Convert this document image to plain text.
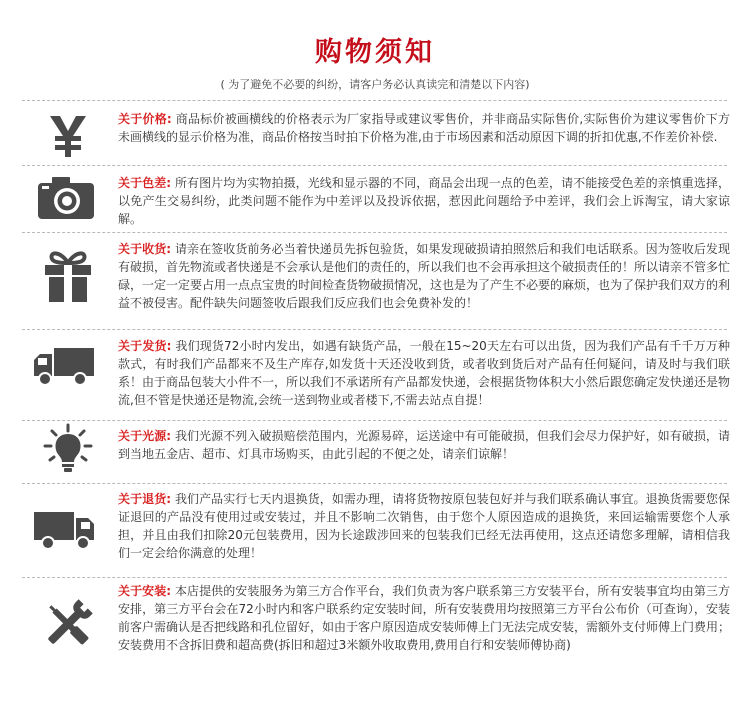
购物须知
( 为了避免不必要的纠纷，请客户务必认真读完和清楚以下内容)
关于价格: 商品标价被画横线的价格表示为厂家指导或建议零售价，并非商品实际售价,实际售价为建议零售价下方未画横线的显示价格为准，商品价格按当时拍下价格为准,由于市场因素和活动原因下调的折扣优惠,不作差价补偿.
关于色差: 所有图片均为实物拍摄，光线和显示器的不同，商品会出现一点的色差，请不能接受色差的亲慎重选择，以免产生交易纠纷，此类问题不能作为中差评以及投诉依据，惹因此问题给予中差评，我们会上诉淘宝，请大家谅解。
关于收货: 请亲在签收货前务必当着快递员先拆包验货，如果发现破损请拍照然后和我们电话联系。因为签收后发现有破损，首先物流或者快递是不会承认是他们的责任的，所以我们也不会再承担这个破损责任的！所以请亲不管多忙碌，一定一定要占用一点点宝贵的时间检查货物破损情况，这也是为了产生不必要的麻烦，也为了保护我们双方的利益不被侵害。配件缺失问题签收后跟我们反应我们也会免费补发的！
关于发货: 我们现货72小时内发出，如遇有缺货产品，一般在15~20天左右可以出货，因为我们产品有千千万万种款式，有时我们产品都来不及生产库存,如发货十天还没收到货，或者收到货后对产品有任何疑问，请及时与我们联系！由于商品包装大小件不一，所以我们不承诺所有产品都发快递，会根据货物体积大小然后跟您确定发快递还是物流,但不管是快递还是物流,会统一送到物业或者楼下,不需去站点自提！
关于光源: 我们光源不列入破损赔偿范围内，光源易碎，运送途中有可能破损，但我们会尽力保护好，如有破损，请到当地五金店、超市、灯具市场购买，由此引起的不便之处，请亲们谅解！
关于退货: 我们产品实行七天内退换货，如需办理，请将货物按原包装包好并与我们联系确认事宜。退换货需要您保证退回的产品没有使用过或安装过，并且不影响二次销售，由于您个人原因造成的退换货，来回运输需要您个人承担，并且由我们扣除20元包装费用，因为长途跋涉回来的包装我们已经无法再使用，这点还请您多理解，请相信我们一定会给你满意的处理！
关于安装: 本店提供的安装服务为第三方合作平台，我们负责为客户联系第三方安装平台，所有安装事宜均由第三方安排，第三方平台会在72小时内和客户联系约定安装时间，所有安装费用均按照第三方平台公布价（可查询），安装前客户需确认是否把线路和孔位留好，如由于客户原因造成安装师傅上门无法完成安装，需额外支付师傅上门费用；安装费用不含拆旧费和超高费(拆旧和超过3米额外收取费用,费用自行和安装师傅协商)
